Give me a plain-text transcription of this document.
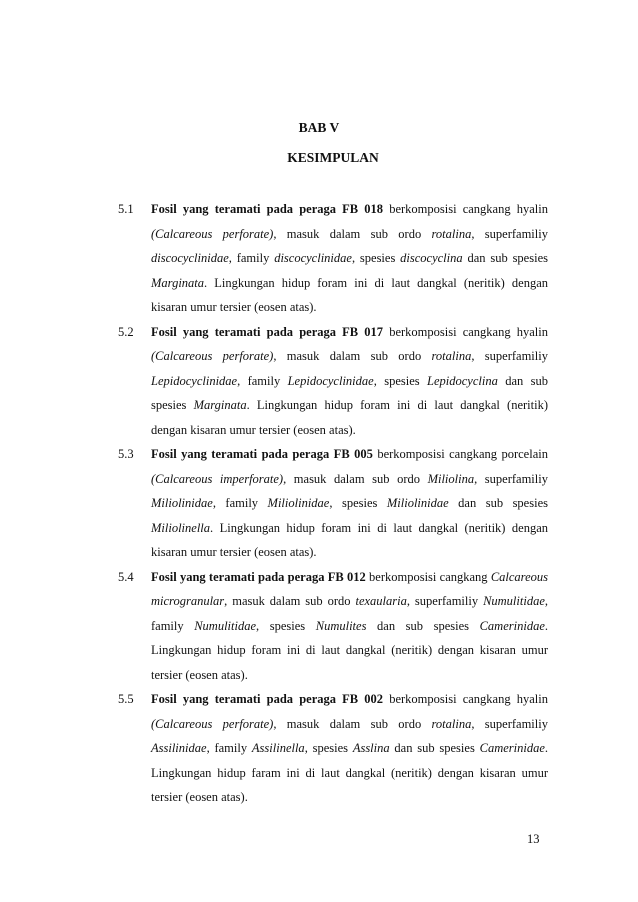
BAB V
KESIMPULAN
5.1	Fosil yang teramati pada peraga FB 018 berkomposisi cangkang hyalin (Calcareous perforate), masuk dalam sub ordo rotalina, superfamiliy discocyclinidae, family discocyclinidae, spesies discocyclina dan sub spesies Marginata. Lingkungan hidup foram ini di laut dangkal (neritik) dengan kisaran umur tersier (eosen atas).
5.2	Fosil yang teramati pada peraga FB 017 berkomposisi cangkang hyalin (Calcareous perforate), masuk dalam sub ordo rotalina, superfamiliy Lepidocyclinidae, family Lepidocyclinidae, spesies Lepidocyclina dan sub spesies Marginata. Lingkungan hidup foram ini di laut dangkal (neritik) dengan kisaran umur tersier (eosen atas).
5.3	Fosil yang teramati pada peraga FB 005 berkomposisi cangkang porcelain (Calcareous imperforate), masuk dalam sub ordo Miliolina, superfamiliy Miliolinidae, family Miliolinidae, spesies Miliolinidae dan sub spesies Miliolinella. Lingkungan hidup foram ini di laut dangkal (neritik) dengan kisaran umur tersier (eosen atas).
5.4	Fosil yang teramati pada peraga FB 012 berkomposisi cangkang Calcareous microgranular, masuk dalam sub ordo texaularia, superfamiliy Numulitidae, family Numulitidae, spesies Numulites dan sub spesies Camerinidae. Lingkungan hidup foram ini di laut dangkal (neritik) dengan kisaran umur tersier (eosen atas).
5.5	Fosil yang teramati pada peraga FB 002 berkomposisi cangkang hyalin (Calcareous perforate), masuk dalam sub ordo rotalina, superfamiliy Assilinidae, family Assilinella, spesies Asslina dan sub spesies Camerinidae. Lingkungan hidup faram ini di laut dangkal (neritik) dengan kisaran umur tersier (eosen atas).
13
